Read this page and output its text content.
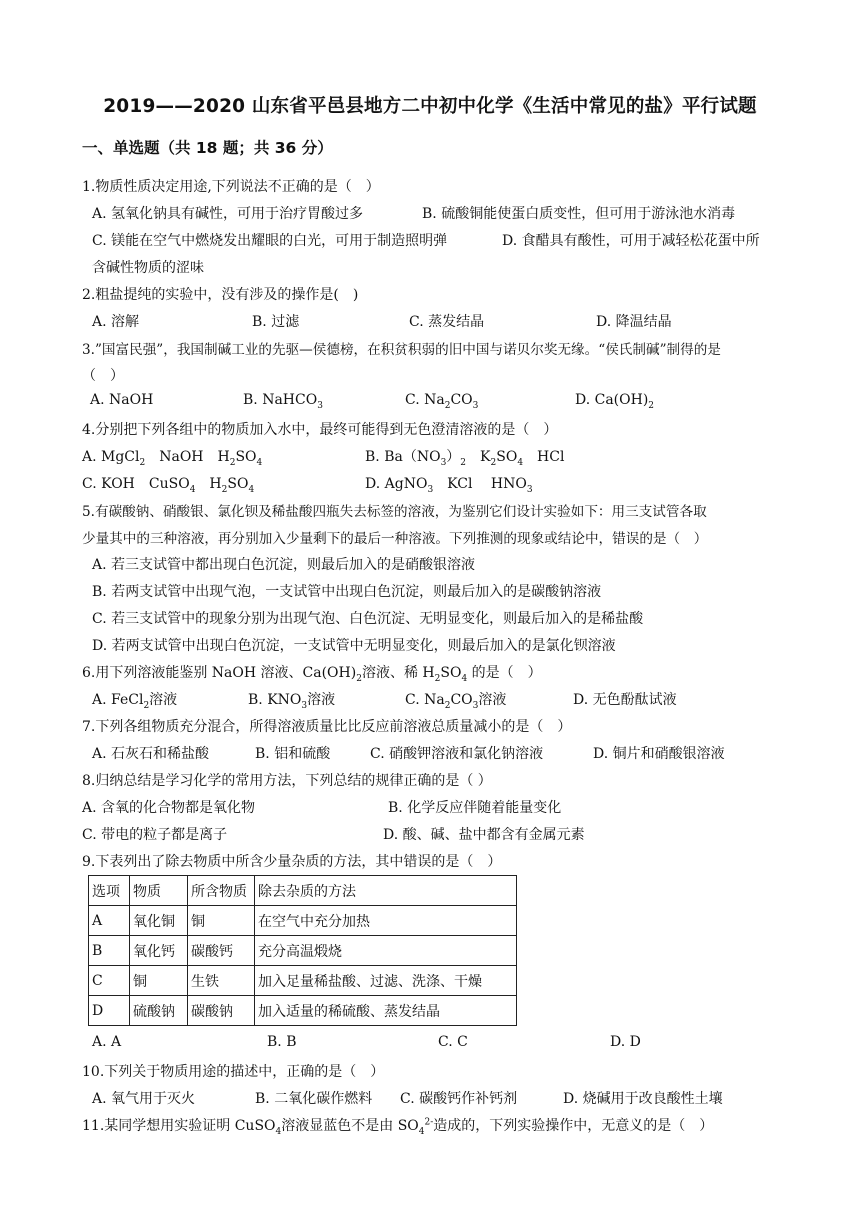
2019——2020 山东省平邑县地方二中初中化学《生活中常见的盐》平行试题
一、单选题（共 18 题；共 36 分）
1.物质性质决定用途,下列说法不正确的是（　）
A. 氢氧化钠具有碱性，可用于治疗胃酸过多	B. 硫酸铜能使蛋白质变性，但可用于游泳池水消毒
C. 镁能在空气中燃烧发出耀眼的白光，可用于制造照明弹	D. 食醋具有酸性，可用于减轻松花蛋中所
含碱性物质的涩味
2.粗盐提纯的实验中，没有涉及的操作是(　)
A. 溶解	B. 过滤	C. 蒸发结晶	D. 降温结晶
3.”国富民强”，我国制碱工业的先驱—侯德榜，在积贫积弱的旧中国与诺贝尔奖无缘。“侯氏制碱”制得的是
（　）
A. NaOH	B. NaHCO$_3$	C. $Na_2CO_3$	D. $Ca(OH)_2$
4.分别把下列各组中的物质加入水中，最终可能得到无色澄清溶液的是（　）
A. MgCl$_2$　NaOH　$H_2SO_4$	B. $Ba(NO_3)_2$　$K_2SO_4$　HCl
C. KOH　CuSO$_4$　$H_2SO_4$	D. AgNO$_3$　KCl　 $HNO_3$
5.有碳酸钠、硝酸银、氯化钡及稀盐酸四瓶失去标签的溶液，为鉴别它们设计实验如下：用三支试管各取
少量其中的三种溶液，再分别加入少量剩下的最后一种溶液。下列推测的现象或结论中，错误的是（　）
A. 若三支试管中都出现白色沉淀，则最后加入的是硝酸银溶液
B. 若两支试管中出现气泡，一支试管中出现白色沉淀，则最后加入的是碳酸钠溶液
C. 若三支试管中的现象分别为出现气泡、白色沉淀、无明显变化，则最后加入的是稀盐酸
D. 若两支试管中出现白色沉淀，一支试管中无明显变化，则最后加入的是氯化钡溶液
6.用下列溶液能鉴别 NaOH 溶液、$Ca(OH)_2$溶液、稀 $H_2SO_4$ 的是（　）
A. FeCl$_2$溶液	B. $KNO_3$溶液	C. $Na_2CO_3$溶液	D. 无色酚酞试液
7.下列各组物质充分混合，所得溶液质量比比反应前溶液总质量减小的是（　）
A. 石灰石和稀盐酸	B. 铝和硫酸	C. 硝酸钾溶液和氯化钠溶液	D. 铜片和硝酸银溶液
8.归纳总结是学习化学的常用方法，下列总结的规律正确的是（ ）
A. 含氧的化合物都是氧化物	B. 化学反应伴随着能量变化
C. 带电的粒子都是离子	D. 酸、碱、盐中都含有金属元素
9.下表列出了除去物质中所含少量杂质的方法，其中错误的是（　）
选项	物质	所含物质	除去杂质的方法
A	氧化铜	铜	在空气中充分加热
B	氧化钙	碳酸钙	充分高温煅烧
C	铜	生铁	加入足量稀盐酸、过滤、洗涤、干燥
D	硫酸钠	碳酸钠	加入适量的稀硫酸、蒸发结晶
A. A	B. B	C. C	D. D
10.下列关于物质用途的描述中，正确的是（　）
A. 氧气用于灭火	B. 二氧化碳作燃料 C. 碳酸钙作补钙剂	D. 烧碱用于改良酸性土壤
11.某同学想用实验证明 CuSO$_4$溶液显蓝色不是由 $SO_4^{2-}$造成的，下列实验操作中，无意义的是（　）
